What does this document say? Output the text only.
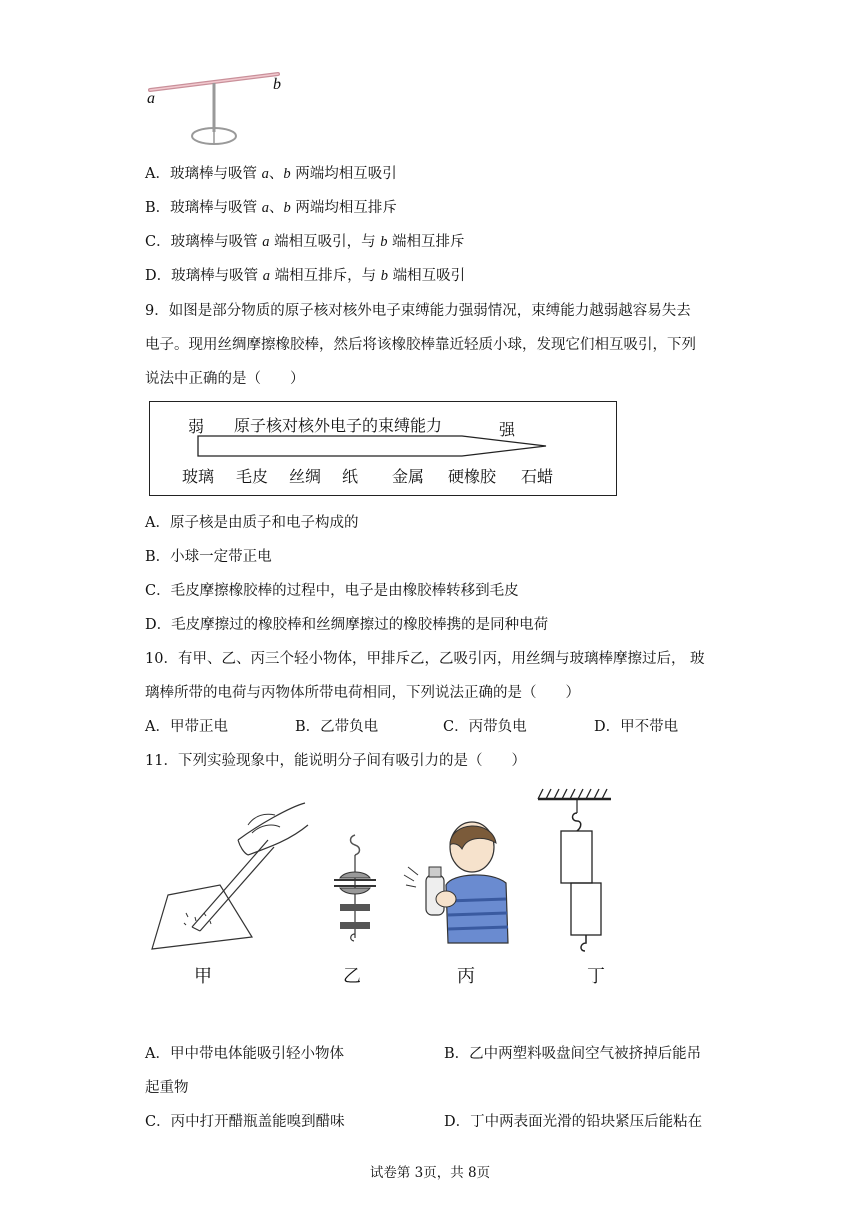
a
b
A．玻璃棒与吸管 a、b 两端均相互吸引
B．玻璃棒与吸管 a、b 两端均相互排斥
C．玻璃棒与吸管 a 端相互吸引，与 b 端相互排斥
D．玻璃棒与吸管 a 端相互排斥，与 b 端相互吸引
9．如图是部分物质的原子核对核外电子束缚能力强弱情况，束缚能力越弱越容易失去
电子。现用丝绸摩擦橡胶棒，然后将该橡胶棒靠近轻质小球，发现它们相互吸引，下列
说法中正确的是（　　）
弱 原子核对核外电子的束缚能力	强
玻璃 毛皮 丝绸 纸 金属 硬橡胶 石蜡
A．原子核是由质子和电子构成的
B．小球一定带正电
C．毛皮摩擦橡胶棒的过程中，电子是由橡胶棒转移到毛皮
D．毛皮摩擦过的橡胶棒和丝绸摩擦过的橡胶棒携的是同种电荷
10．有甲、乙、丙三个轻小物体，甲排斥乙，乙吸引丙，用丝绸与玻璃棒摩擦过后， 玻
璃棒所带的电荷与丙物体所带电荷相同，下列说法正确的是（　　）
A．甲带正电	B．乙带负电	C．丙带负电	D．甲不带电
11．下列实验现象中，能说明分子间有吸引力的是（　　）
甲	乙	丙	丁
A．甲中带电体能吸引轻小物体	B．乙中两塑料吸盘间空气被挤掉后能吊
起重物
C．丙中打开醋瓶盖能嗅到醋味	D．丁中两表面光滑的铅块紧压后能粘在
试卷第 3页，共 8页
